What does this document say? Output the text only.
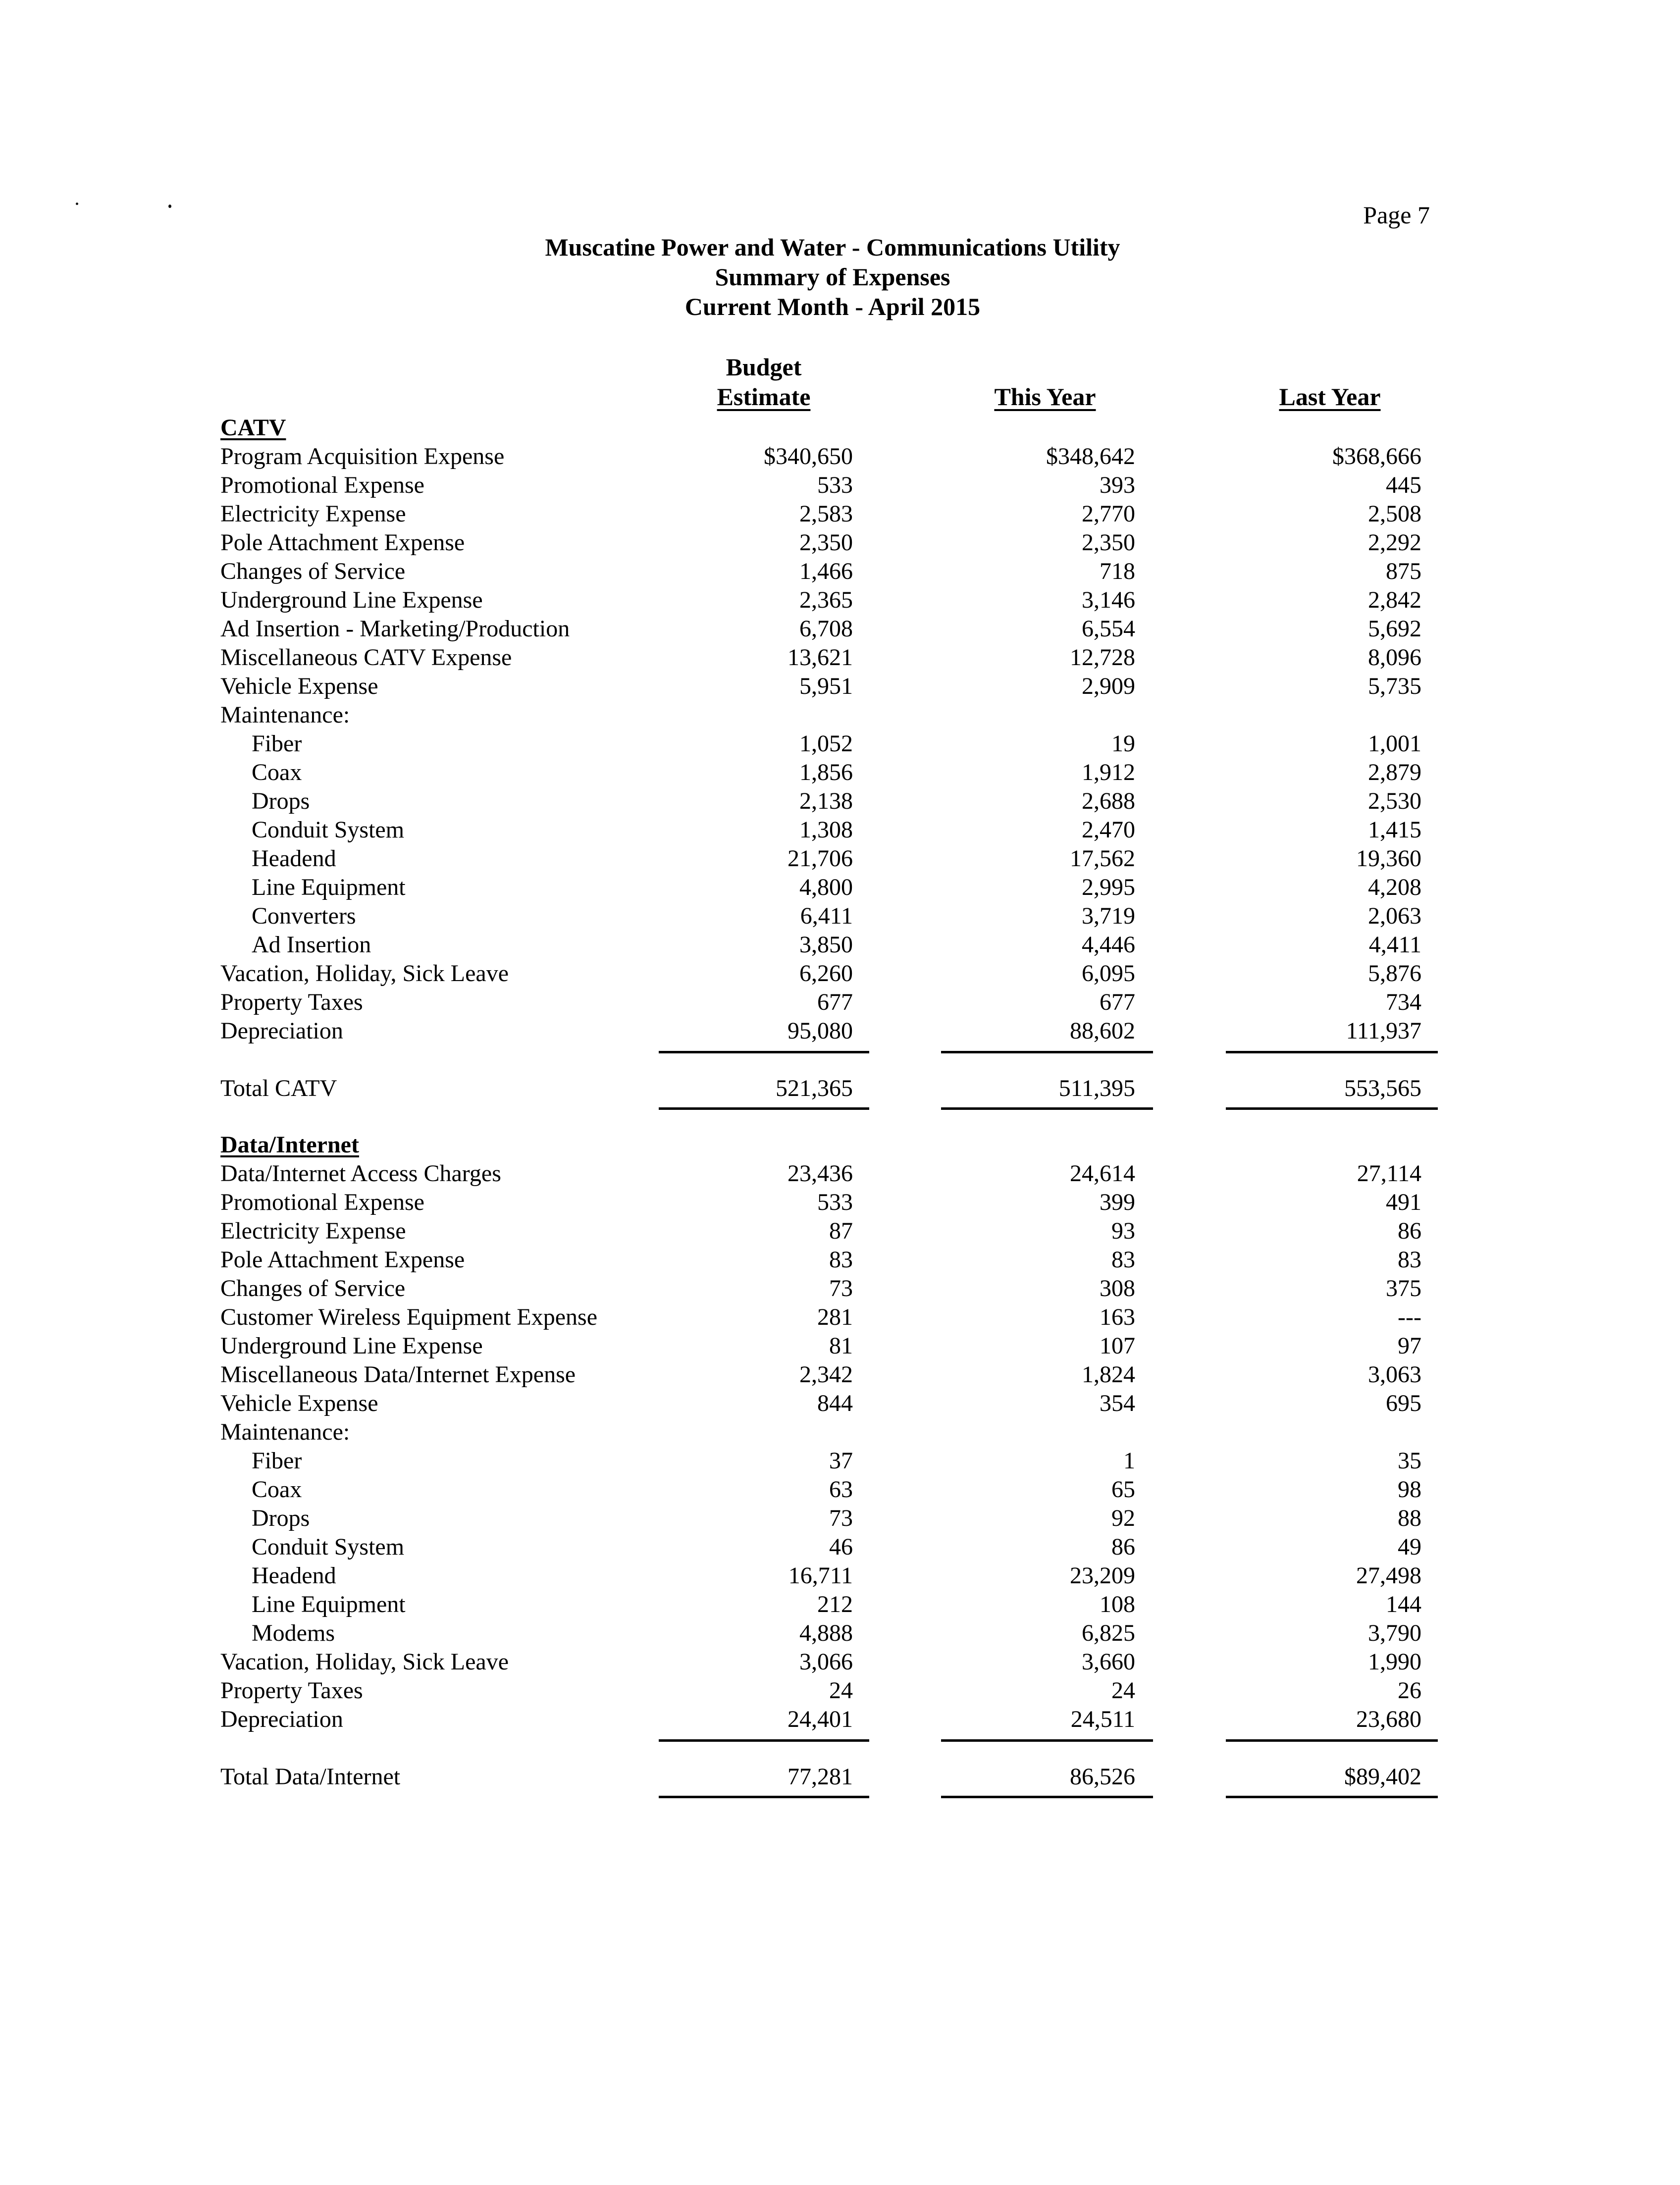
Page 7
Muscatine Power and Water - Communications Utility
Summary of Expenses
Current Month - April 2015
Budget
Estimate	This Year	Last Year
CATV
Program Acquisition Expense	$340,650	$348,642	$368,666
Promotional Expense	533	393	445
Electricity Expense	2,583	2,770	2,508
Pole Attachment Expense	2,350	2,350	2,292
Changes of Service	1,466	718	875
Underground Line Expense	2,365	3,146	2,842
Ad Insertion - Marketing/Production	6,708	6,554	5,692
Miscellaneous CATV Expense	13,621	12,728	8,096
Vehicle Expense	5,951	2,909	5,735
Maintenance:
Fiber	1,052	19	1,001
Coax	1,856	1,912	2,879
Drops	2,138	2,688	2,530
Conduit System	1,308	2,470	1,415
Headend	21,706	17,562	19,360
Line Equipment	4,800	2,995	4,208
Converters	6,411	3,719	2,063
Ad Insertion	3,850	4,446	4,411
Vacation, Holiday, Sick Leave	6,260	6,095	5,876
Property Taxes	677	677	734
Depreciation	95,080	88,602	111,937
Total CATV	521,365	511,395	553,565
Data/Internet
Data/Internet Access Charges	23,436	24,614	27,114
Promotional Expense	533	399	491
Electricity Expense	87	93	86
Pole Attachment Expense	83	83	83
Changes of Service	73	308	375
Customer Wireless Equipment Expense	281	163	---
Underground Line Expense	81	107	97
Miscellaneous Data/Internet Expense	2,342	1,824	3,063
Vehicle Expense	844	354	695
Maintenance:
Fiber	37	1	35
Coax	63	65	98
Drops	73	92	88
Conduit System	46	86	49
Headend	16,711	23,209	27,498
Line Equipment	212	108	144
Modems	4,888	6,825	3,790
Vacation, Holiday, Sick Leave	3,066	3,660	1,990
Property Taxes	24	24	26
Depreciation	24,401	24,511	23,680
Total Data/Internet	77,281	86,526	$89,402
